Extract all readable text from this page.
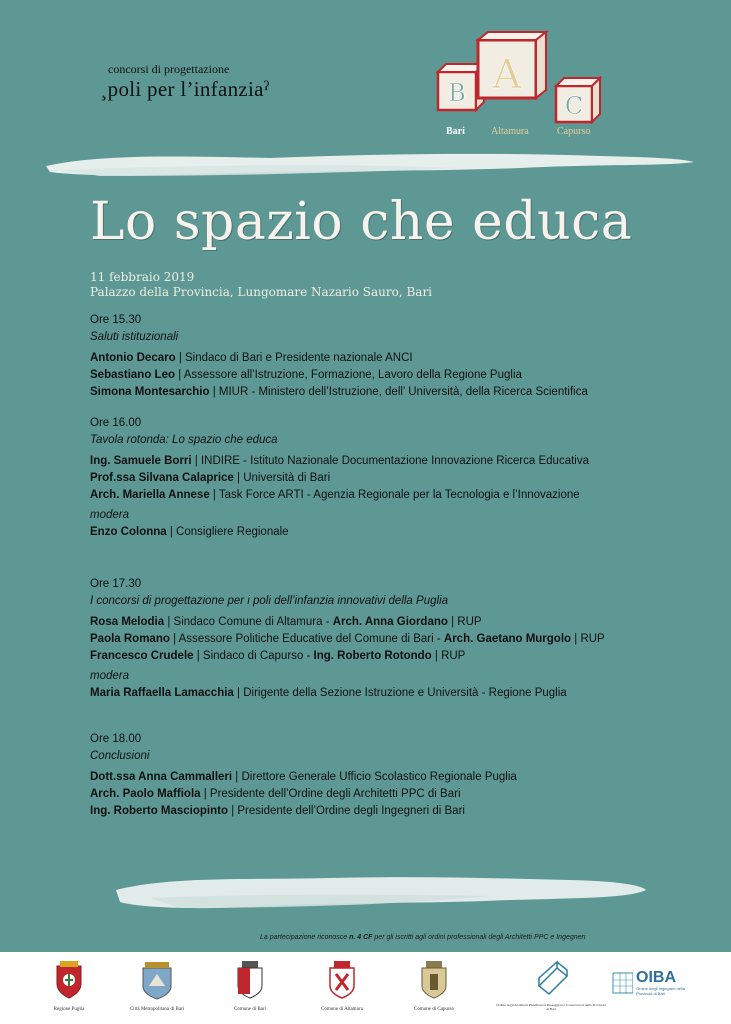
concorsi di progettazione
¸poli per l’infanziaˀ	B A
C
Bari	Altamura	Capurso
Lo spazio che educa
11 febbraio 2019
Palazzo della Provincia, Lungomare Nazario Sauro, Bari
Ore 15.30
Saluti istituzionali
Antonio Decaro | Sindaco di Bari e Presidente nazionale ANCI
Sebastiano Leo | Assessore all’Istruzione, Formazione, Lavoro della Regione Puglia
Simona Montesarchio | MIUR - Ministero dell’Istruzione, dell’ Università, della Ricerca Scientifica
Ore 16.00
Tavola rotonda: Lo spazio che educa
Ing. Samuele Borri | INDIRE - Istituto Nazionale Documentazione Innovazione Ricerca Educativa
Prof.ssa Silvana Calaprice | Università di Bari
Arch. Mariella Annese | Task Force ARTI - Agenzia Regionale per la Tecnologia e l’Innovazione
modera
Enzo Colonna | Consigliere Regionale
Ore 17.30
I concorsi di progettazione per i poli dell’infanzia innovativi della Puglia
Rosa Melodia | Sindaco Comune di Altamura - Arch. Anna Giordano | RUP
Paola Romano | Assessore Politiche Educative del Comune di Bari - Arch. Gaetano Murgolo | RUP
Francesco Crudele | Sindaco di Capurso - Ing. Roberto Rotondo | RUP
modera
Maria Raffaella Lamacchia | Dirigente della Sezione Istruzione e Università - Regione Puglia
Ore 18.00
Conclusioni
Dott.ssa Anna Cammalleri | Direttore Generale Ufficio Scolastico Regionale Puglia
Arch. Paolo Maffiola | Presidente dell’Ordine degli Architetti PPC di Bari
Ing. Roberto Masciopinto | Presidente dell’Ordine degli Ingegneri di Bari
La partecipazione riconosce n. 4 CF per gli iscritti agli ordini professionali degli Architetti PPC e Ingegneri
Regione Puglia	Città Metropolitana di Bari	Comune di Bari	Comune di Altamura	Comune di Capurso
Ordine degli Architetti Pianificatori Paesaggisti e Conservatori della Provincia di Bari
OIBA
Ordine degli Ingegneri della Provincia di Bari
